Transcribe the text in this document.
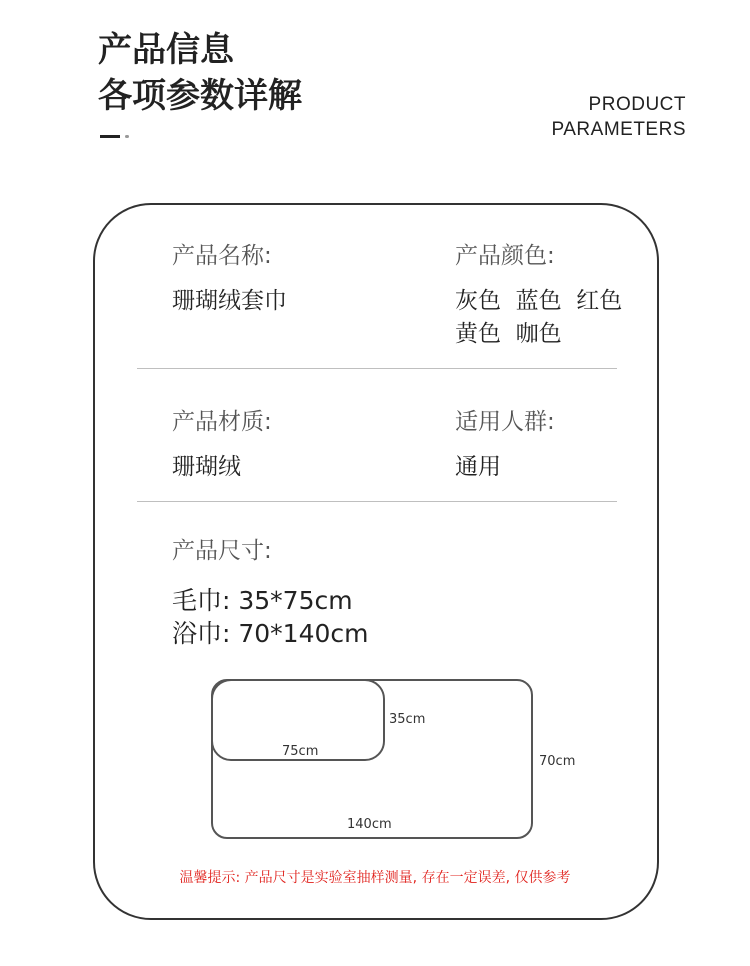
产品信息
各项参数详解	PRODUCT
PARAMETERS
产品名称:
珊瑚绒套巾
产品颜色:
灰色  蓝色  红色
黄色  咖色
产品材质:
珊瑚绒
适用人群:
通用
产品尺寸:
毛巾: 35*75cm
浴巾: 70*140cm
35cm
75cm
70cm
140cm
温馨提示: 产品尺寸是实验室抽样测量, 存在一定误差, 仅供参考
